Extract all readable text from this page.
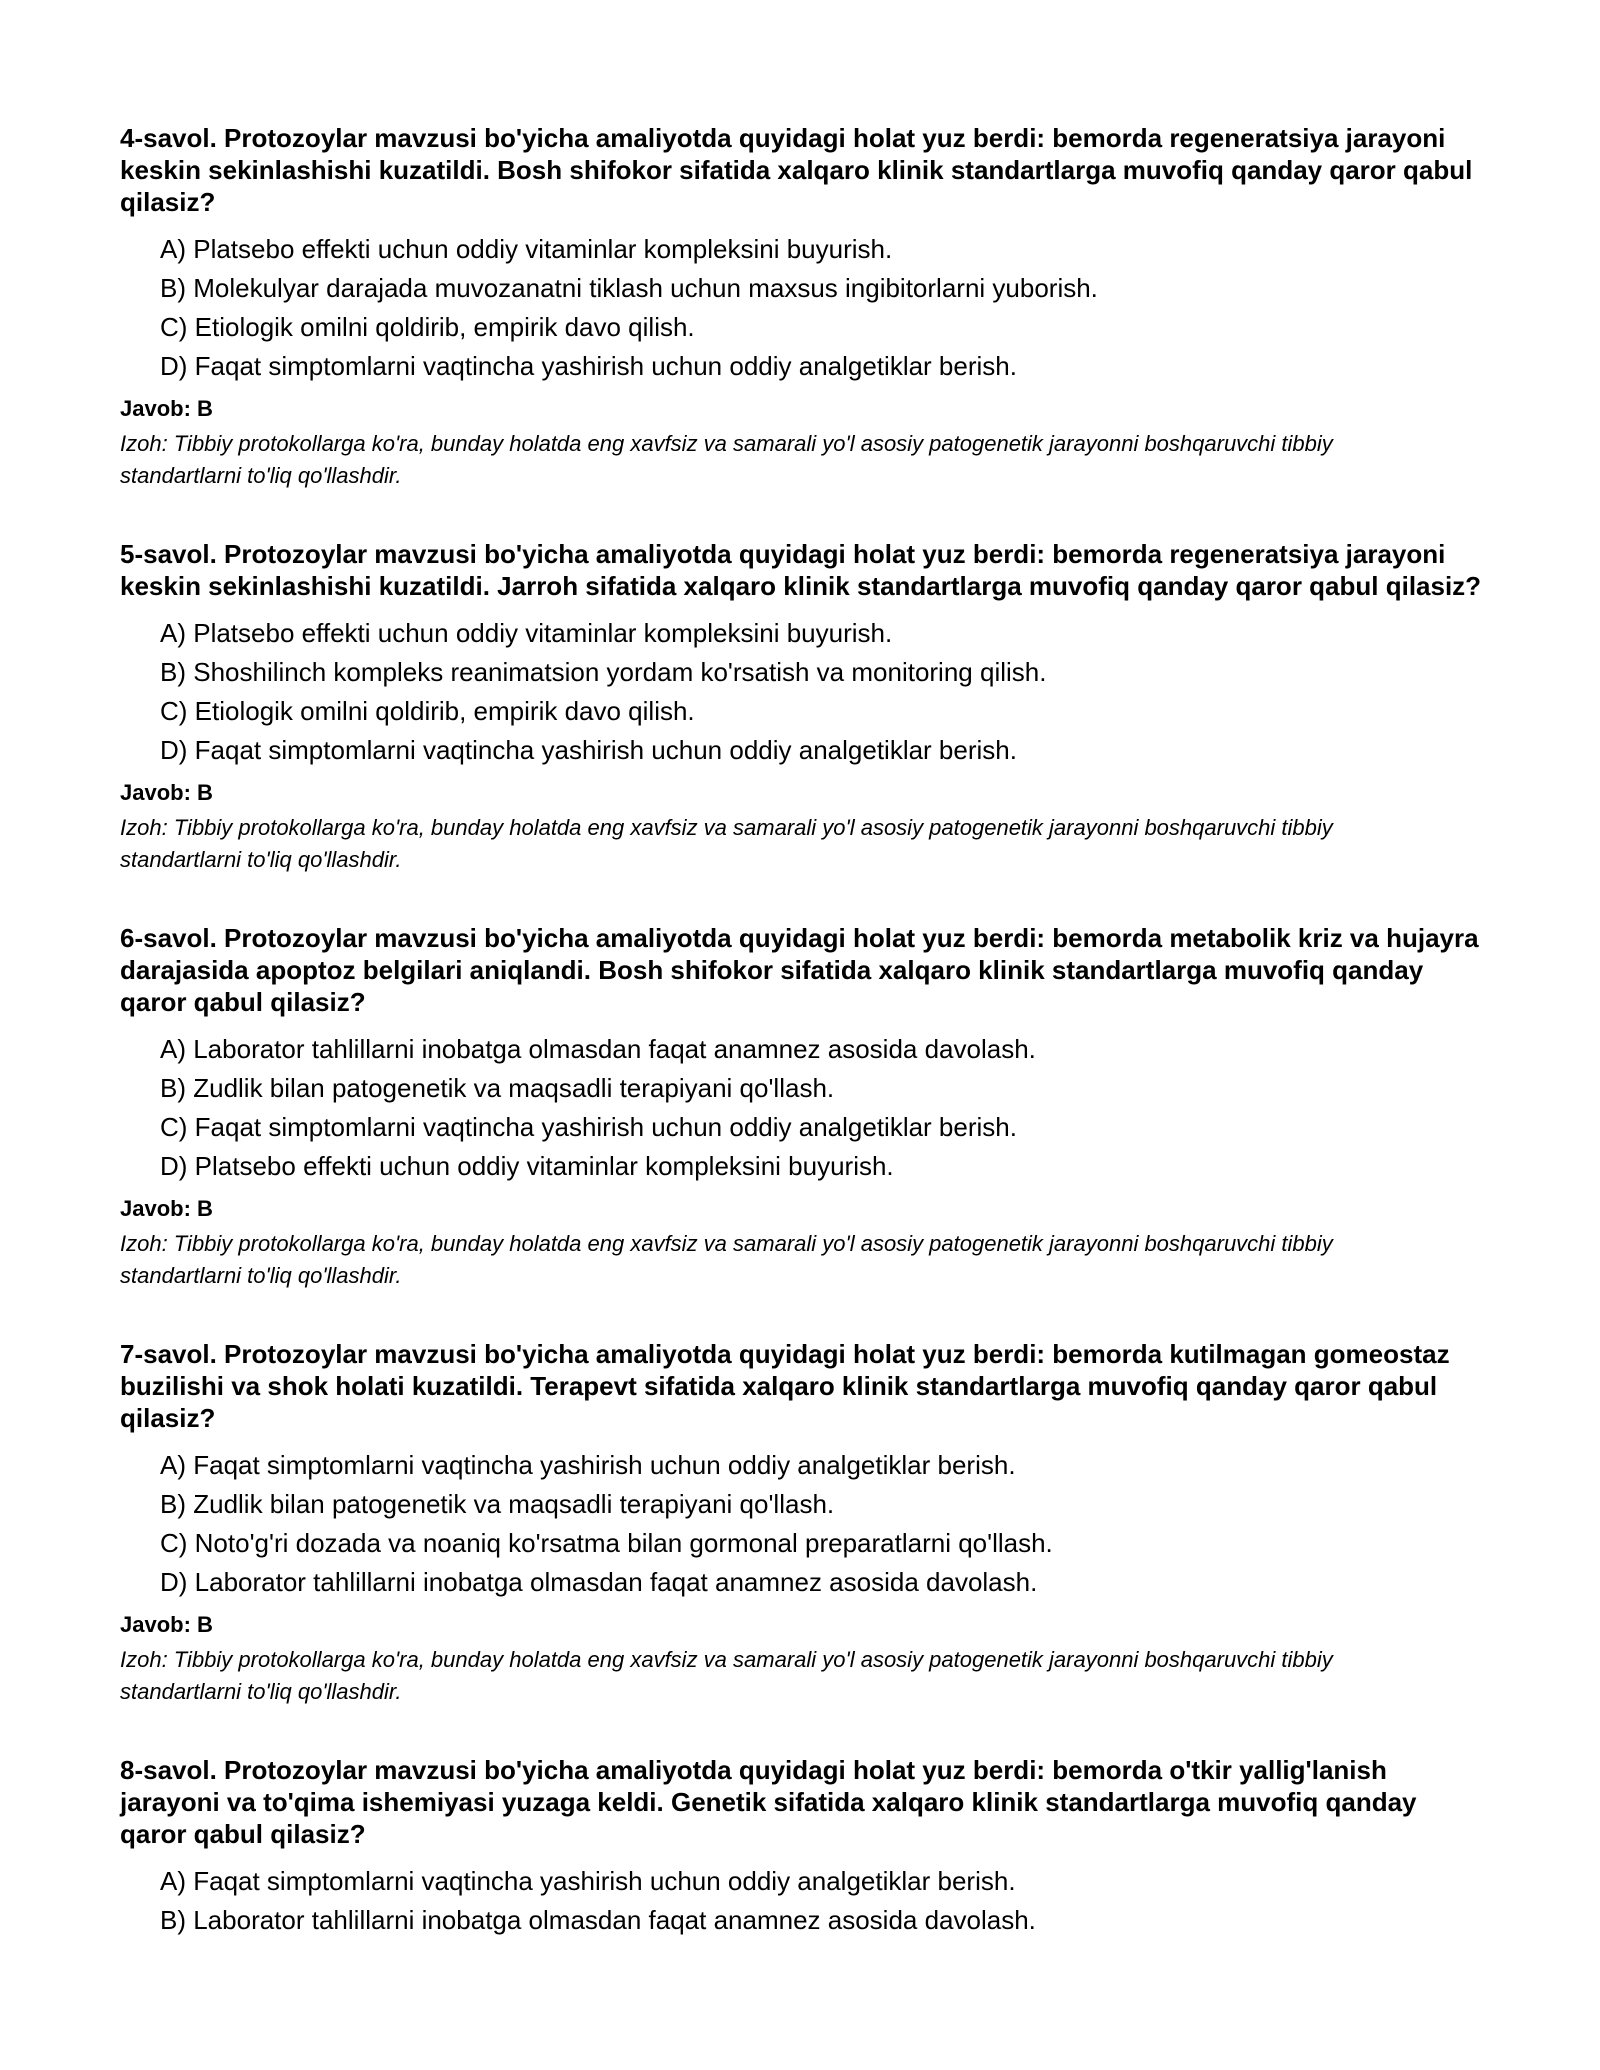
4-savol. Protozoylar mavzusi bo'yicha amaliyotda quyidagi holat yuz berdi: bemorda regeneratsiya jarayoni keskin sekinlashishi kuzatildi. Bosh shifokor sifatida xalqaro klinik standartlarga muvofiq qanday qaror qabul qilasiz?

A) Platsebo effekti uchun oddiy vitaminlar kompleksini buyurish.
B) Molekulyar darajada muvozanatni tiklash uchun maxsus ingibitorlarni yuborish.
C) Etiologik omilni qoldirib, empirik davo qilish.
D) Faqat simptomlarni vaqtincha yashirish uchun oddiy analgetiklar berish.

Javob: B

Izoh: Tibbiy protokollarga ko'ra, bunday holatda eng xavfsiz va samarali yo'l asosiy patogenetik jarayonni boshqaruvchi tibbiy standartlarni to'liq qo'llashdir.

5-savol. Protozoylar mavzusi bo'yicha amaliyotda quyidagi holat yuz berdi: bemorda regeneratsiya jarayoni keskin sekinlashishi kuzatildi. Jarroh sifatida xalqaro klinik standartlarga muvofiq qanday qaror qabul qilasiz?

A) Platsebo effekti uchun oddiy vitaminlar kompleksini buyurish.
B) Shoshilinch kompleks reanimatsion yordam ko'rsatish va monitoring qilish.
C) Etiologik omilni qoldirib, empirik davo qilish.
D) Faqat simptomlarni vaqtincha yashirish uchun oddiy analgetiklar berish.

Javob: B

Izoh: Tibbiy protokollarga ko'ra, bunday holatda eng xavfsiz va samarali yo'l asosiy patogenetik jarayonni boshqaruvchi tibbiy standartlarni to'liq qo'llashdir.

6-savol. Protozoylar mavzusi bo'yicha amaliyotda quyidagi holat yuz berdi: bemorda metabolik kriz va hujayra darajasida apoptoz belgilari aniqlandi. Bosh shifokor sifatida xalqaro klinik standartlarga muvofiq qanday qaror qabul qilasiz?

A) Laborator tahlillarni inobatga olmasdan faqat anamnez asosida davolash.
B) Zudlik bilan patogenetik va maqsadli terapiyani qo'llash.
C) Faqat simptomlarni vaqtincha yashirish uchun oddiy analgetiklar berish.
D) Platsebo effekti uchun oddiy vitaminlar kompleksini buyurish.

Javob: B

Izoh: Tibbiy protokollarga ko'ra, bunday holatda eng xavfsiz va samarali yo'l asosiy patogenetik jarayonni boshqaruvchi tibbiy standartlarni to'liq qo'llashdir.

7-savol. Protozoylar mavzusi bo'yicha amaliyotda quyidagi holat yuz berdi: bemorda kutilmagan gomeostaz buzilishi va shok holati kuzatildi. Terapevt sifatida xalqaro klinik standartlarga muvofiq qanday qaror qabul qilasiz?

A) Faqat simptomlarni vaqtincha yashirish uchun oddiy analgetiklar berish.
B) Zudlik bilan patogenetik va maqsadli terapiyani qo'llash.
C) Noto'g'ri dozada va noaniq ko'rsatma bilan gormonal preparatlarni qo'llash.
D) Laborator tahlillarni inobatga olmasdan faqat anamnez asosida davolash.

Javob: B

Izoh: Tibbiy protokollarga ko'ra, bunday holatda eng xavfsiz va samarali yo'l asosiy patogenetik jarayonni boshqaruvchi tibbiy standartlarni to'liq qo'llashdir.

8-savol. Protozoylar mavzusi bo'yicha amaliyotda quyidagi holat yuz berdi: bemorda o'tkir yallig'lanish jarayoni va to'qima ishemiyasi yuzaga keldi. Genetik sifatida xalqaro klinik standartlarga muvofiq qanday qaror qabul qilasiz?

A) Faqat simptomlarni vaqtincha yashirish uchun oddiy analgetiklar berish.
B) Laborator tahlillarni inobatga olmasdan faqat anamnez asosida davolash.
